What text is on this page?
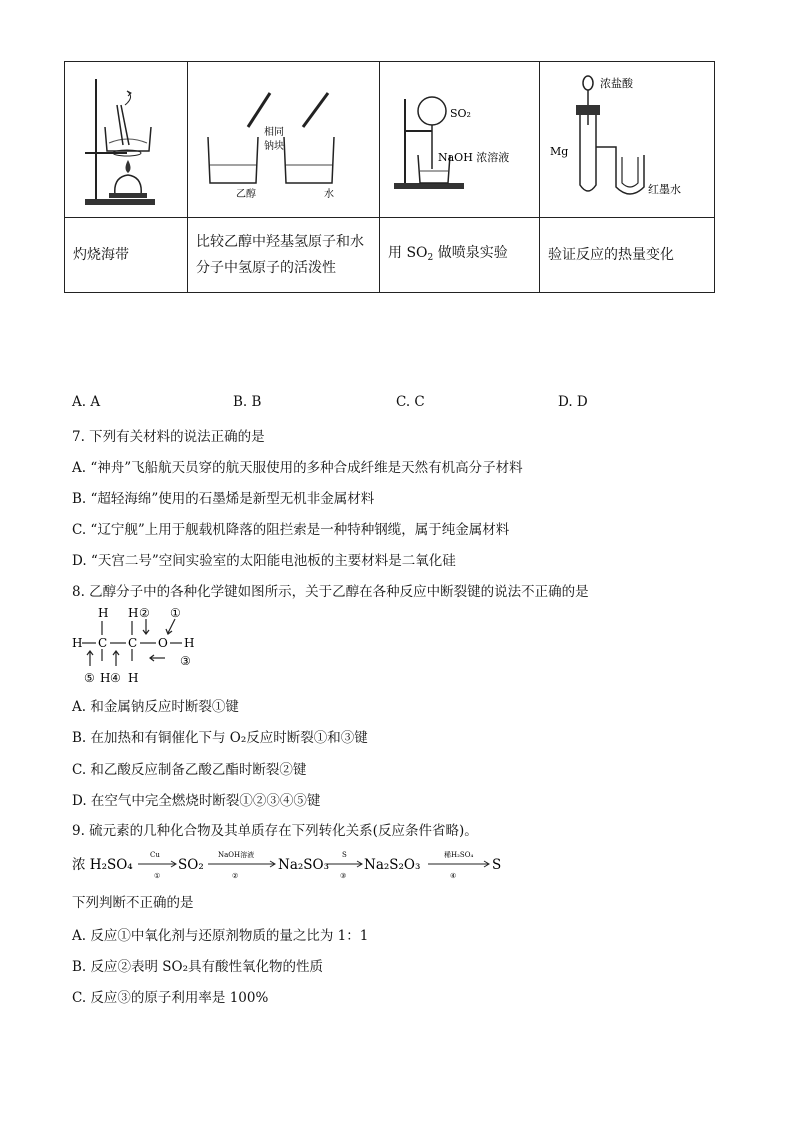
相同
钠块
乙醇 水	SO₂
NaOH 浓溶液	浓盐酸
Mg
红墨水

灼烧海带	比较乙醇中羟基氢原子和水
分子中氢原子的活泼性	用 $SO_2$ 做喷泉实验	验证反应的热量变化
A. A	B. B	C. C	D. D
7. 下列有关材料的说法正确的是
A. “神舟”飞船航天员穿的航天服使用的多种合成纤维是天然有机高分子材料
B. “超轻海绵”使用的石墨烯是新型无机非金属材料
C. “辽宁舰”上用于舰载机降落的阻拦索是一种特种钢缆，属于纯金属材料
D. “天宫二号”空间实验室的太阳能电池板的主要材料是二氧化硅
8. 乙醇分子中的各种化学键如图所示，关于乙醇在各种反应中断裂键的说法不正确的是
H H ② ①
H C C O H
③
⑤ H ④ H
A. 和金属钠反应时断裂①键
B. 在加热和有铜催化下与 O₂反应时断裂①和③键
C. 和乙酸反应制备乙酸乙酯时断裂②键
D. 在空气中完全燃烧时断裂①②③④⑤键
9. 硫元素的几种化合物及其单质存在下列转化关系(反应条件省略)。
浓 H₂SO₄
Cu
①
SO₂
NaOH溶液
②
Na₂SO₃
S
③
Na₂S₂O₃
稀H₂SO₄
④
S
下列判断不正确的是
A. 反应①中氧化剂与还原剂物质的量之比为 1：1
B. 反应②表明 SO₂具有酸性氧化物的性质
C. 反应③的原子利用率是 100%
